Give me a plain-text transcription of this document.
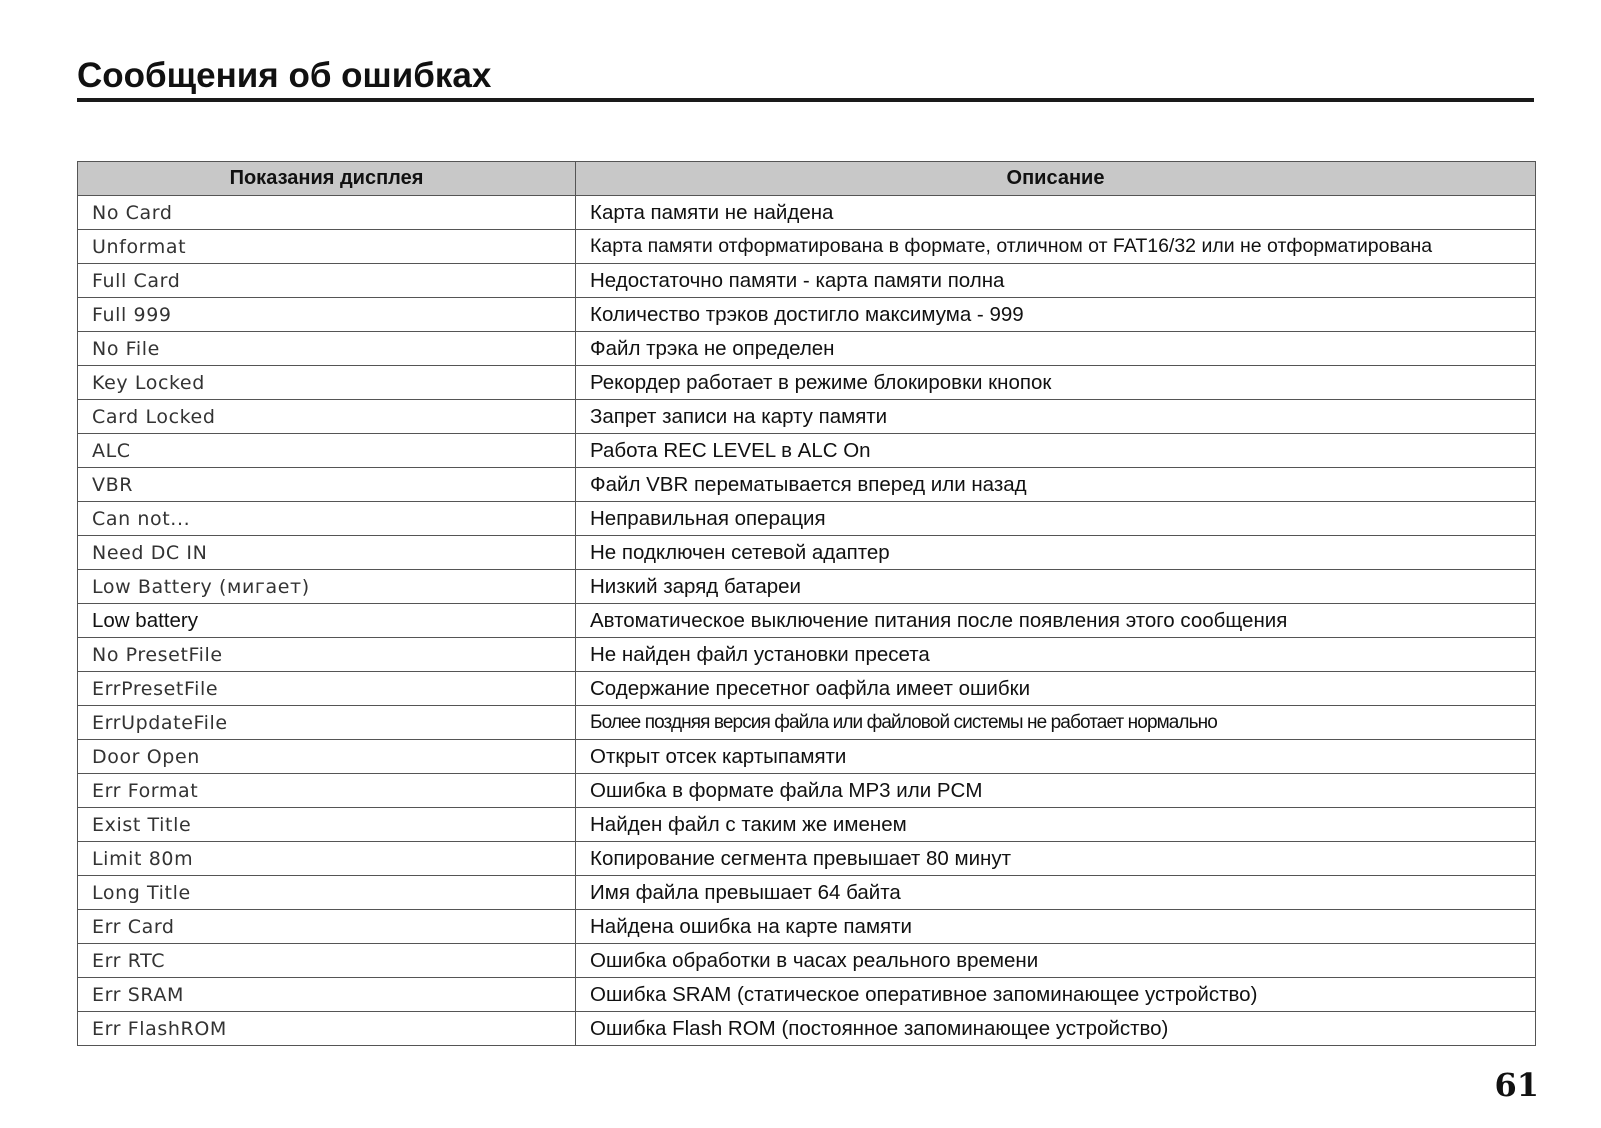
Сообщения об ошибках
Показания дисплея	Описание
No Card	Карта памяти не найдена
Unformat	Карта памяти отформатирована в формате, отличном от FAT16/32 или не отформатирована
Full Card	Недостаточно памяти - карта памяти полна
Full 999	Количество трэков достигло максимума - 999
No File	Файл трэка не определен
Key Locked	Рекордер работает в режиме блокировки кнопок
Card Locked	Запрет записи на карту памяти
ALC	Работа REC LEVEL в ALC On
VBR	Файл VBR перематывается вперед или назад
Can not...	Неправильная операция
Need DC IN	Не подключен сетевой адаптер
Low Battery (мигает)	Низкий заряд батареи
Low battery	Автоматическое выключение питания после появления этого сообщения
No PresetFile	Не найден файл установки пресета
ErrPresetFile	Содержание пресетног оафйла имеет ошибки
ErrUpdateFile	Более поздняя версия файла или файловой системы не работает нормально
Door Open	Открыт отсек картыпамяти
Err Format	Ошибка в формате файла MP3 или PCM
Exist Title	Найден файл с таким же именем
Limit 80m	Копирование сегмента превышает 80 минут
Long Title	Имя файла превышает 64 байта
Err Card	Найдена ошибка на карте памяти
Err RTC	Ошибка обработки в часах реального времени
Err SRAM	Ошибка SRAM (статическое оперативное запоминающее устройство)
Err FlashROM	Ошибка Flash ROM (постоянное запоминающее устройство)
61
